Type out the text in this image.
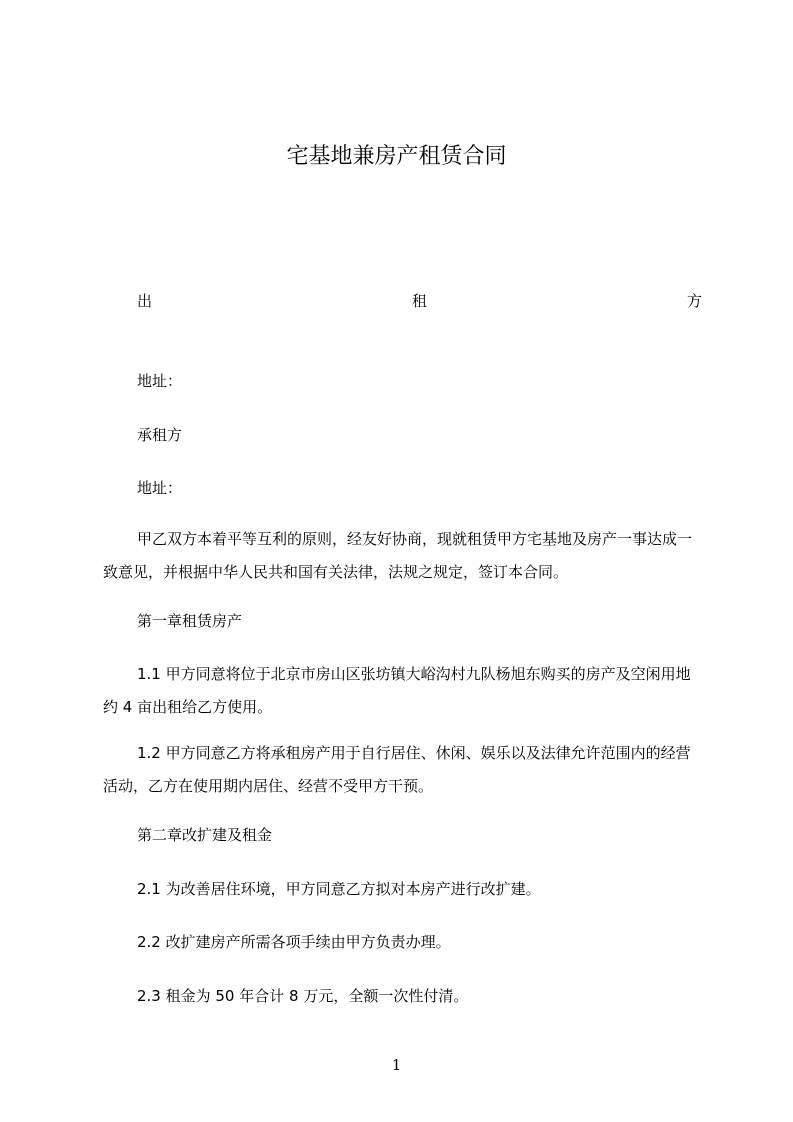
宅基地兼房产租赁合同
出	租	方
地址：
承租方
地址：
甲乙双方本着平等互利的原则，经友好协商，现就租赁甲方宅基地及房产一事达成一致意见，并根据中华人民共和国有关法律，法规之规定，签订本合同。
第一章租赁房产
1.1 甲方同意将位于北京市房山区张坊镇大峪沟村九队杨旭东购买的房产及空闲用地约 4 亩出租给乙方使用。
1.2 甲方同意乙方将承租房产用于自行居住、休闲、娱乐以及法律允许范围内的经营活动，乙方在使用期内居住、经营不受甲方干预。
第二章改扩建及租金
2.1 为改善居住环境，甲方同意乙方拟对本房产进行改扩建。
2.2 改扩建房产所需各项手续由甲方负责办理。
2.3 租金为 50 年合计 8 万元，全额一次性付清。
1
